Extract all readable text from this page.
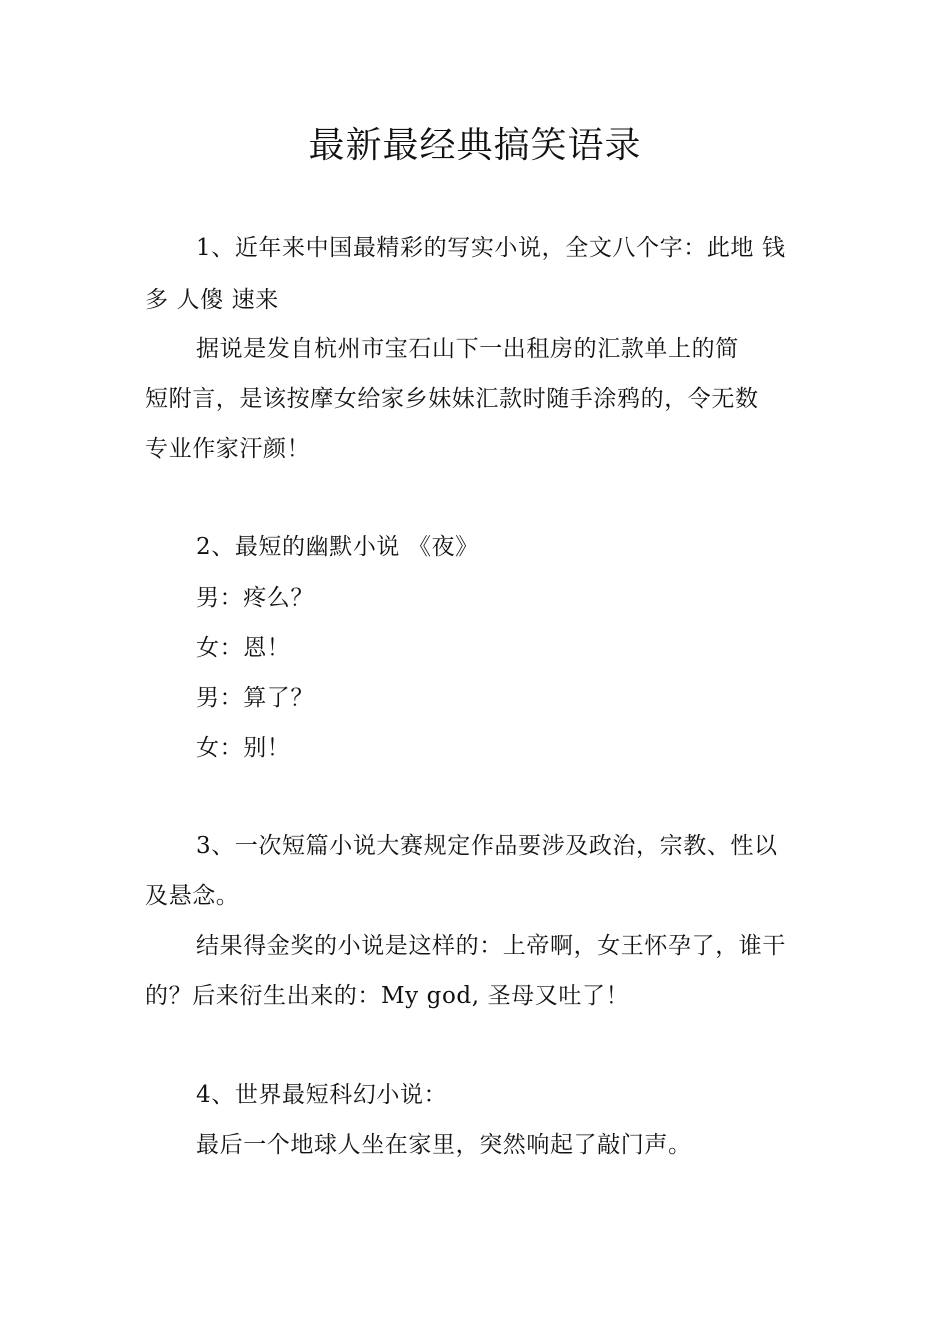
最新最经典搞笑语录
1、近年来中国最精彩的写实小说，全文八个字：此地 钱
多 人傻 速来
据说是发自杭州市宝石山下一出租房的汇款单上的简
短附言，是该按摩女给家乡妹妹汇款时随手涂鸦的，令无数
专业作家汗颜！
2、最短的幽默小说 《夜》
男：疼么？
女：恩！
男：算了？
女：别！
3、一次短篇小说大赛规定作品要涉及政治，宗教、性以
及悬念。
结果得金奖的小说是这样的：上帝啊，女王怀孕了，谁干
的？后来衍生出来的：My god, 圣母又吐了！
4、世界最短科幻小说：
最后一个地球人坐在家里，突然响起了敲门声。
